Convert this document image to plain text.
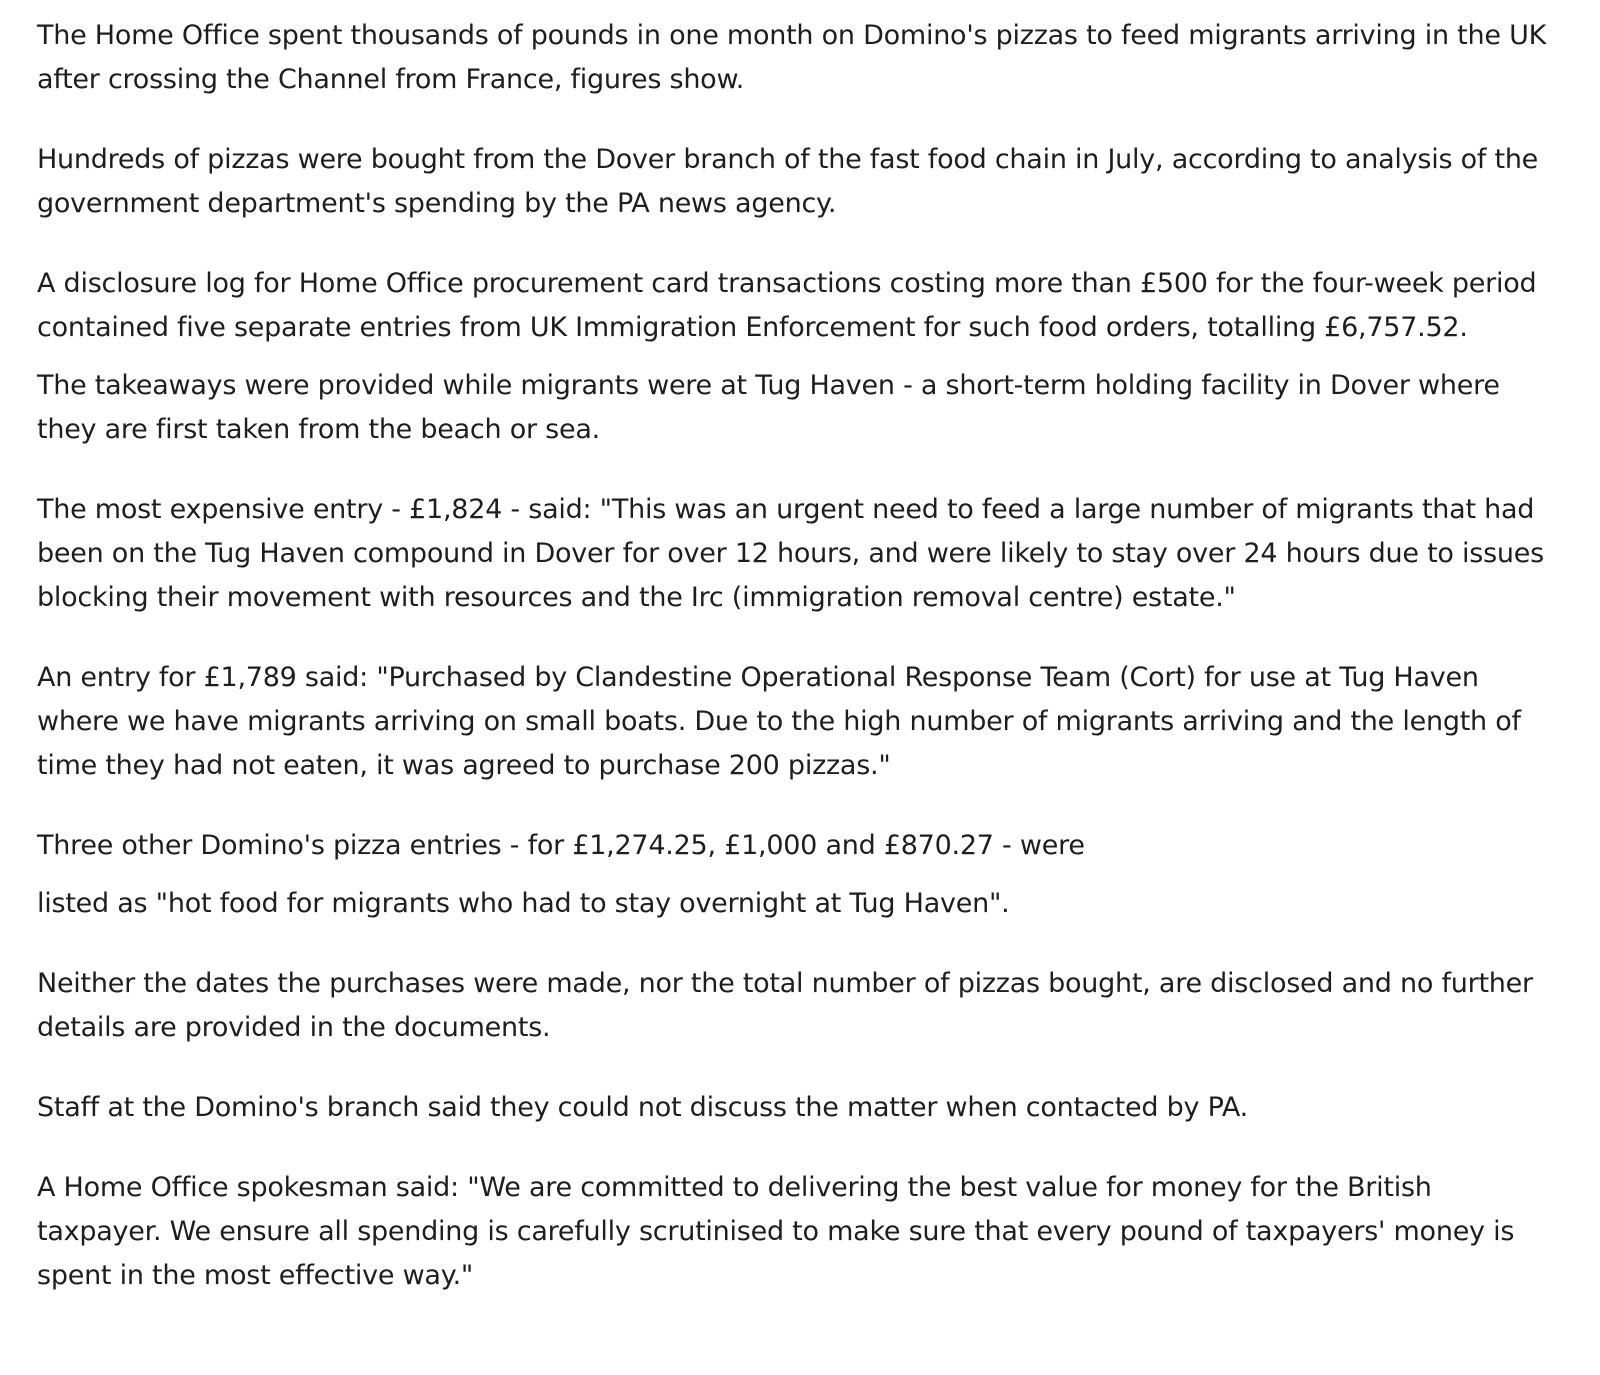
The Home Office spent thousands of pounds in one month on Domino's pizzas to feed migrants arriving in the UK after crossing the Channel from France, figures show.

Hundreds of pizzas were bought from the Dover branch of the fast food chain in July, according to analysis of the government department's spending by the PA news agency.

A disclosure log for Home Office procurement card transactions costing more than £500 for the four-week period contained five separate entries from UK Immigration Enforcement for such food orders, totalling £6,757.52.

The takeaways were provided while migrants were at Tug Haven - a short-term holding facility in Dover where they are first taken from the beach or sea.

The most expensive entry - £1,824 - said: "This was an urgent need to feed a large number of migrants that had been on the Tug Haven compound in Dover for over 12 hours, and were likely to stay over 24 hours due to issues blocking their movement with resources and the Irc (immigration removal centre) estate."

An entry for £1,789 said: "Purchased by Clandestine Operational Response Team (Cort) for use at Tug Haven where we have migrants arriving on small boats. Due to the high number of migrants arriving and the length of time they had not eaten, it was agreed to purchase 200 pizzas."

Three other Domino's pizza entries - for £1,274.25, £1,000 and £870.27 - were

listed as "hot food for migrants who had to stay overnight at Tug Haven".

Neither the dates the purchases were made, nor the total number of pizzas bought, are disclosed and no further details are provided in the documents.

Staff at the Domino's branch said they could not discuss the matter when contacted by PA.

A Home Office spokesman said: "We are committed to delivering the best value for money for the British taxpayer. We ensure all spending is carefully scrutinised to make sure that every pound of taxpayers' money is spent in the most effective way."
